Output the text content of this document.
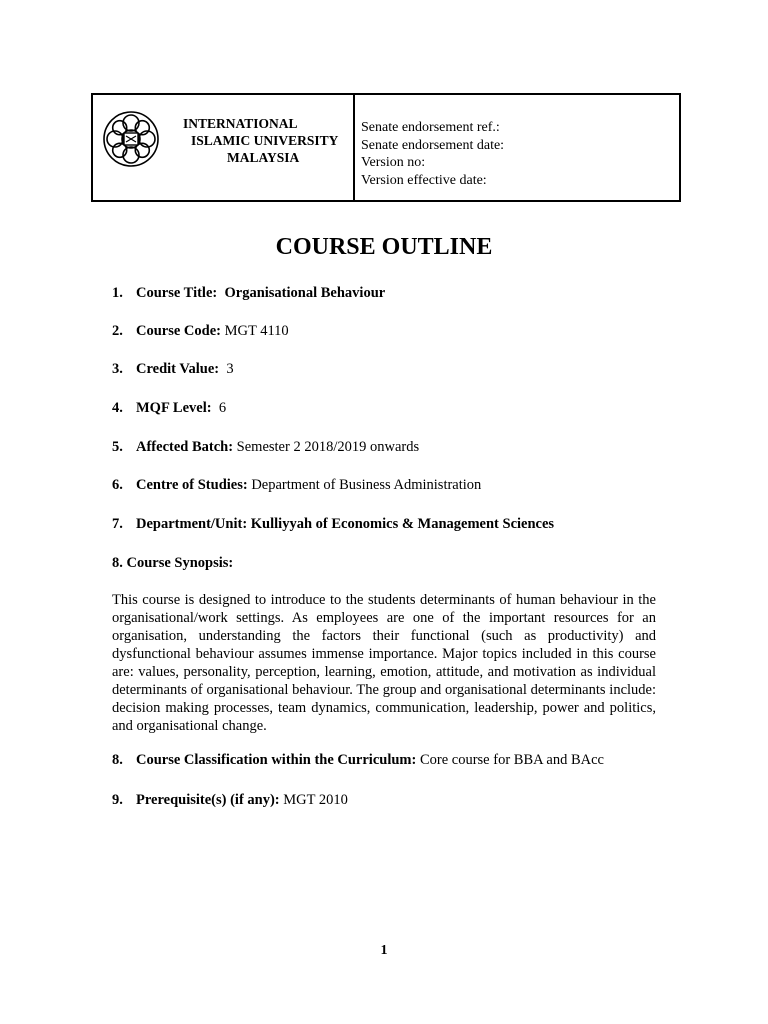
INTERNATIONAL
ISLAMIC UNIVERSITY
MALAYSIA
Senate endorsement ref.:
Senate endorsement date:
Version no:
Version effective date:
COURSE OUTLINE
1. Course Title: Organisational Behaviour
2. Course Code: MGT 4110
3. Credit Value: 3
4. MQF Level: 6
5. Affected Batch: Semester 2 2018/2019 onwards
6. Centre of Studies: Department of Business Administration
7. Department/Unit: Kulliyyah of Economics & Management Sciences
8. Course Synopsis:
This course is designed to introduce to the students determinants of human behaviour in the organisational/work settings. As employees are one of the important resources for an organisation, understanding the factors their functional (such as productivity) and dysfunctional behaviour assumes immense importance. Major topics included in this course are: values, personality, perception, learning, emotion, attitude, and motivation as individual determinants of organisational behaviour. The group and organisational determinants include: decision making processes, team dynamics, communication, leadership, power and politics, and organisational change.
8. Course Classification within the Curriculum: Core course for BBA and BAcc
9. Prerequisite(s) (if any): MGT 2010
1
